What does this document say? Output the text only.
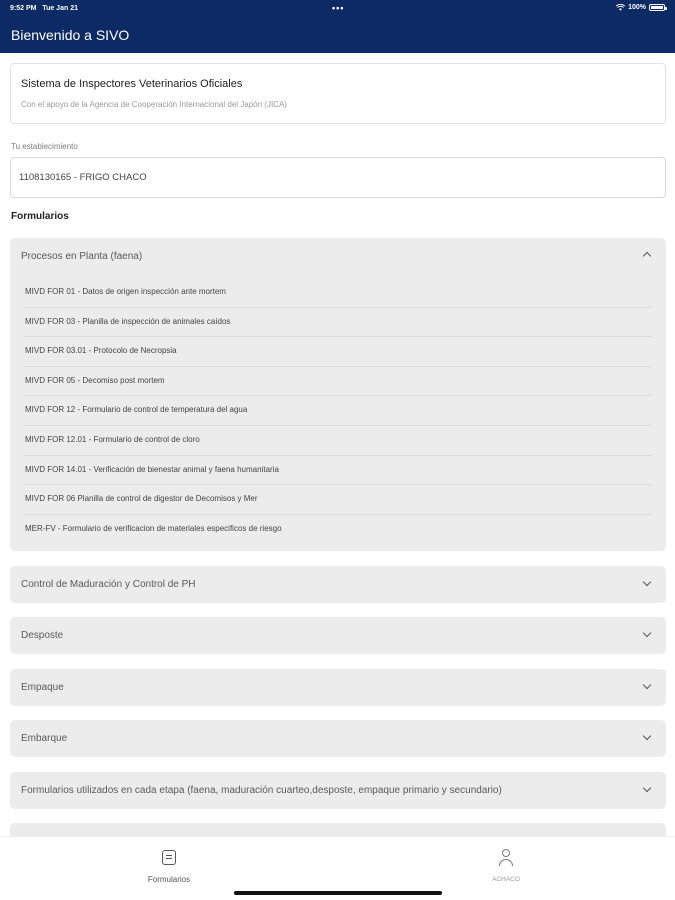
9:52 PM Tue Jan 21	•••	100%
Bienvenido a SIVO
Sistema de Inspectores Veterinarios Oficiales
Con el apoyo de la Agencia de Cooperación Internacional del Japón (JICA)
Tu establecimiento
1108130165 - FRIGO CHACO
Formularios
Procesos en Planta (faena)
MIVD FOR 01 - Datos de origen inspección ante mortem
MIVD FOR 03 - Planilla de inspección de animales caídos
MIVD FOR 03.01 - Protocolo de Necropsia
MIVD FOR 05 - Decomiso post mortem
MIVD FOR 12 - Formulario de control de temperatura del agua
MIVD FOR 12.01 - Formulario de control de cloro
MIVD FOR 14.01 - Verificación de bienestar animal y faena humanitaria
MIVD FOR 06 Planilla de control de digestor de Decomisos y Mer
MER-FV - Formulario de verificacion de materiales especificos de riesgo
Control de Maduración y Control de PH
Desposte
Empaque
Embarque
Formularios utilizados en cada etapa (faena, maduración cuarteo,desposte, empaque primario y secundario)
Formularios	ACHACO
